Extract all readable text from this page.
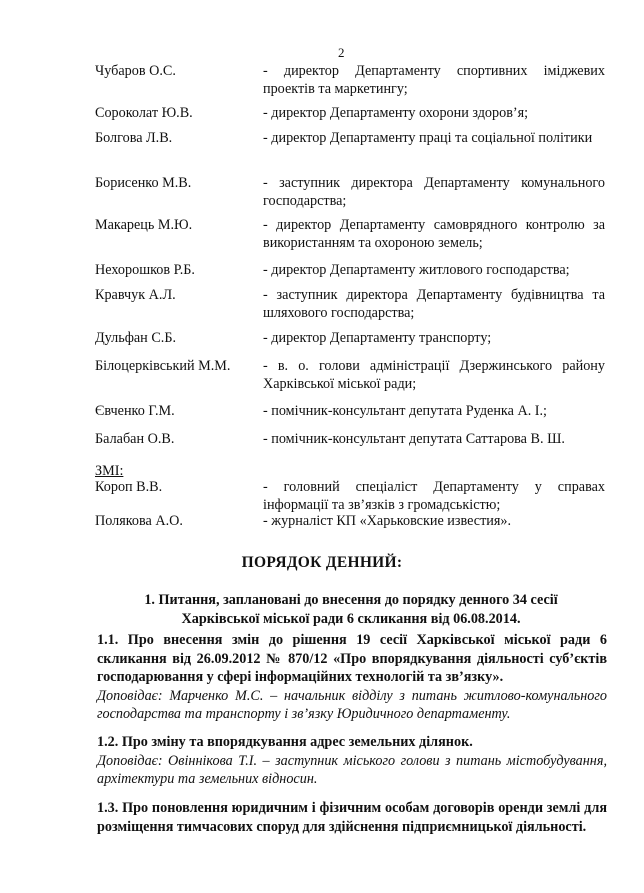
2
Чубаров О.С.	- директор Департаменту спортивних іміджевих проектів та маркетингу;
Сороколат Ю.В.	- директор Департаменту охорони здоров’я;
Болгова Л.В.	- директор Департаменту праці та соціальної політики
Борисенко М.В.	- заступник директора Департаменту комунального господарства;
Макарець М.Ю.	- директор Департаменту самоврядного контролю за використанням та охороною земель;
Нехорошков Р.Б.	- директор Департаменту житлового господарства;
Кравчук А.Л.	- заступник директора Департаменту будівництва та шляхового господарства;
Дульфан С.Б.	- директор Департаменту транспорту;
Білоцерківський М.М.	- в. о. голови адміністрації Дзержинського району Харківської міської ради;
Євченко Г.М.	- помічник-консультант депутата Руденка А. І.;
Балабан О.В.	- помічник-консультант депутата Саттарова В. Ш.
ЗМІ:
Короп В.В.	- головний спеціаліст Департаменту у справах інформації та зв’язків з громадськістю;
Полякова А.О.	- журналіст КП «Харьковские известия».
ПОРЯДОК ДЕННИЙ:
1. Питання, заплановані до внесення до порядку денного 34 сесії
Харківської міської ради 6 скликання від 06.08.2014.
1.1. Про внесення змін до рішення 19 сесії Харківської міської ради 6 скликання від 26.09.2012 № 870/12 «Про впорядкування діяльності суб’єктів господарювання у сфері інформаційних технологій та зв’язку».
Доповідає: Марченко М.С. – начальник відділу з питань житлово-комунального господарства та транспорту і зв’язку Юридичного департаменту.
1.2. Про зміну та впорядкування адрес земельних ділянок.
Доповідає: Овіннікова Т.І. – заступник міського голови з питань містобудування, архітектури та земельних відносин.
1.3. Про поновлення юридичним і фізичним особам договорів оренди землі для розміщення тимчасових споруд для здійснення підприємницької діяльності.
